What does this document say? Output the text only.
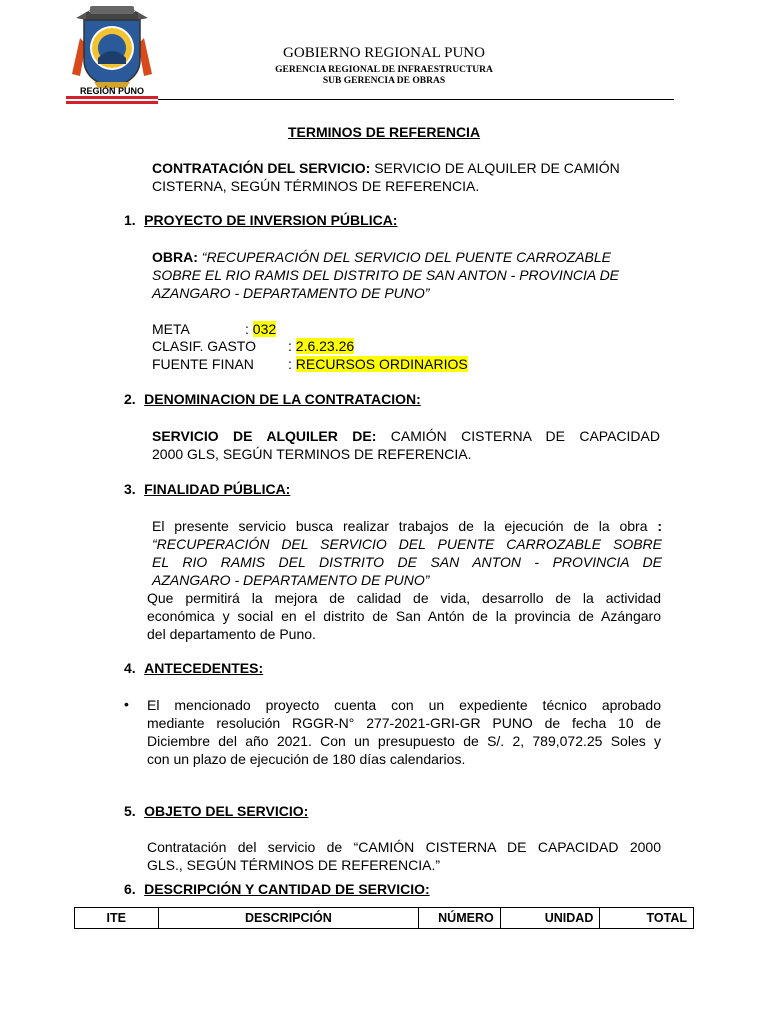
REGIÓN PUNO
GOBIERNO REGIONAL PUNO
GERENCIA REGIONAL DE INFRAESTRUCTURA
SUB GERENCIA DE OBRAS
TERMINOS DE REFERENCIA
CONTRATACIÓN DEL SERVICIO: SERVICIO DE ALQUILER DE CAMIÓN
CISTERNA, SEGÚN TÉRMINOS DE REFERENCIA.
1. PROYECTO DE INVERSION PÚBLICA:
OBRA: “RECUPERACIÓN DEL SERVICIO DEL PUENTE CARROZABLE
SOBRE EL RIO RAMIS DEL DISTRITO DE SAN ANTON - PROVINCIA DE
AZANGARO - DEPARTAMENTO DE PUNO”
META	: 032
CLASIF. GASTO : 2.6.23.26
FUENTE FINAN : RECURSOS ORDINARIOS
2. DENOMINACION DE LA CONTRATACION:
SERVICIO DE ALQUILER DE: CAMIÓN CISTERNA DE CAPACIDAD
2000 GLS, SEGÚN TERMINOS DE REFERENCIA.
3. FINALIDAD PÚBLICA:
El presente servicio busca realizar trabajos de la ejecución de la obra :
“RECUPERACIÓN DEL SERVICIO DEL PUENTE CARROZABLE SOBRE
EL RIO RAMIS DEL DISTRITO DE SAN ANTON - PROVINCIA DE
AZANGARO - DEPARTAMENTO DE PUNO”
Que permitirá la mejora de calidad de vida, desarrollo de la actividad
económica y social en el distrito de San Antón de la provincia de Azángaro
del departamento de Puno.
4. ANTECEDENTES:
• El mencionado proyecto cuenta con un expediente técnico aprobado
mediante resolución RGGR-N° 277-2021-GRI-GR PUNO de fecha 10 de
Diciembre del año 2021. Con un presupuesto de S/. 2, 789,072.25 Soles y
con un plazo de ejecución de 180 días calendarios.
5. OBJETO DEL SERVICIO:
Contratación del servicio de “CAMIÓN CISTERNA DE CAPACIDAD 2000
GLS., SEGÚN TÉRMINOS DE REFERENCIA.”
6. DESCRIPCIÓN Y CANTIDAD DE SERVICIO:
ITE	DESCRIPCIÓN	NÚMERO	UNIDAD	TOTAL
